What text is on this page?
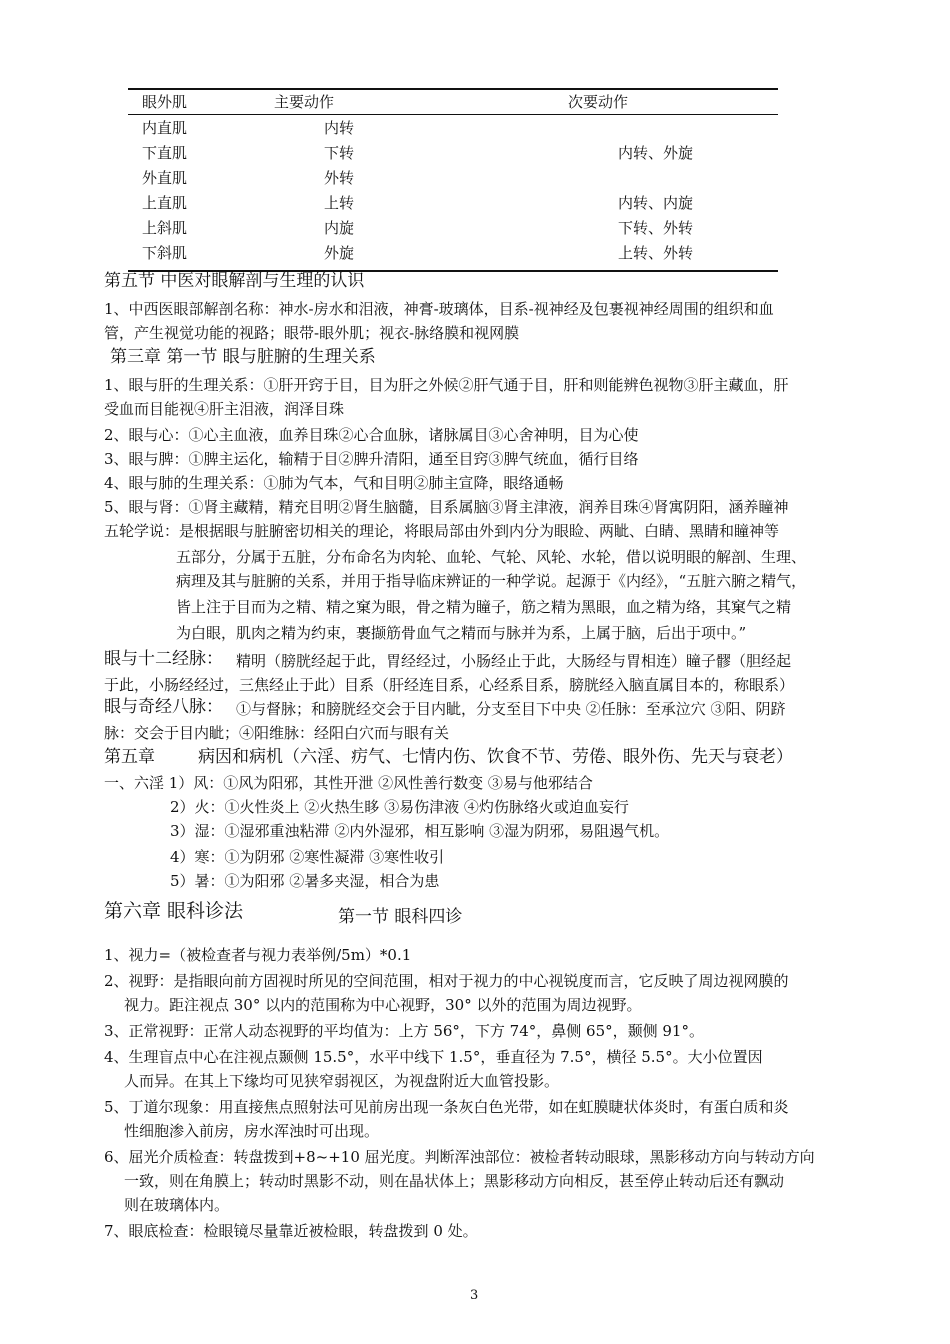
眼外肌	主要动作	次要动作
内直肌	内转
下直肌	下转	内转、外旋
外直肌	外转
上直肌	上转	内转、内旋
上斜肌	内旋	下转、外转
下斜肌	外旋	上转、外转
第五节 中医对眼解剖与生理的认识
1、中西医眼部解剖名称：神水-房水和泪液，神膏-玻璃体，目系-视神经及包裹视神经周围的组织和血
管，产生视觉功能的视路；眼带-眼外肌；视衣-脉络膜和视网膜
第三章 第一节 眼与脏腑的生理关系
1、眼与肝的生理关系：①肝开窍于目，目为肝之外候②肝气通于目，肝和则能辨色视物③肝主藏血，肝
受血而目能视④肝主泪液，润泽目珠
2、眼与心：①心主血液，血养目珠②心合血脉，诸脉属目③心舍神明，目为心使
3、眼与脾：①脾主运化，输精于目②脾升清阳，通至目窍③脾气统血，循行目络
4、眼与肺的生理关系：①肺为气本，气和目明②肺主宣降，眼络通畅
5、眼与肾：①肾主藏精，精充目明②肾生脑髓，目系属脑③肾主津液，润养目珠④肾寓阴阳，涵养瞳神
五轮学说：是根据眼与脏腑密切相关的理论，将眼局部由外到内分为眼睑、两眦、白睛、黑睛和瞳神等
五部分，分属于五脏，分布命名为肉轮、血轮、气轮、风轮、水轮，借以说明眼的解剖、生理、
病理及其与脏腑的关系，并用于指导临床辨证的一种学说。起源于《内经》，“五脏六腑之精气，
皆上注于目而为之精、精之窠为眼，骨之精为瞳子，筋之精为黑眼，血之精为络，其窠气之精
为白眼，肌肉之精为约束，裹撷筋骨血气之精而与脉并为系，上属于脑，后出于项中。”
眼与十二经脉： 精明（膀胱经起于此，胃经经过，小肠经止于此，大肠经与胃相连）瞳子髎（胆经起
于此，小肠经经过，三焦经止于此）目系（肝经连目系，心经系目系，膀胱经入脑直属目本的，称眼系）
眼与奇经八脉： ①与督脉；和膀胱经交会于目内眦，分支至目下中央 ②任脉：至承泣穴 ③阳、阴跻
脉：交会于目内眦；④阳维脉：经阳白穴而与眼有关
第五章	病因和病机（六淫、疠气、七情内伤、饮食不节、劳倦、眼外伤、先天与衰老）
一、六淫 1）风：①风为阳邪，其性开泄 ②风性善行数变 ③易与他邪结合
2）火：①火性炎上 ②火热生眵 ③易伤津液 ④灼伤脉络火或迫血妄行
3）湿：①湿邪重浊粘滞 ②内外湿邪，相互影响 ③湿为阴邪，易阻遏气机。
4）寒：①为阴邪 ②寒性凝滞 ③寒性收引
5）暑：①为阳邪 ②暑多夹湿，相合为患
第六章 眼科诊法	第一节 眼科四诊
1、视力=（被检查者与视力表举例/5m）*0.1
2、视野：是指眼向前方固视时所见的空间范围，相对于视力的中心视锐度而言，它反映了周边视网膜的
视力。距注视点 30° 以内的范围称为中心视野，30° 以外的范围为周边视野。
3、正常视野：正常人动态视野的平均值为：上方 56°，下方 74°，鼻侧 65°，颞侧 91°。
4、生理盲点中心在注视点颞侧 15.5°，水平中线下 1.5°，垂直径为 7.5°，横径 5.5°。大小位置因
人而异。在其上下缘均可见狭窄弱视区，为视盘附近大血管投影。
5、丁道尔现象：用直接焦点照射法可见前房出现一条灰白色光带，如在虹膜睫状体炎时，有蛋白质和炎
性细胞渗入前房，房水浑浊时可出现。
6、屈光介质检查：转盘拨到+8~+10 屈光度。判断浑浊部位：被检者转动眼球，黑影移动方向与转动方向
一致，则在角膜上；转动时黑影不动，则在晶状体上；黑影移动方向相反，甚至停止转动后还有飘动
则在玻璃体内。
7、眼底检查：检眼镜尽量靠近被检眼，转盘拨到 0 处。
3
